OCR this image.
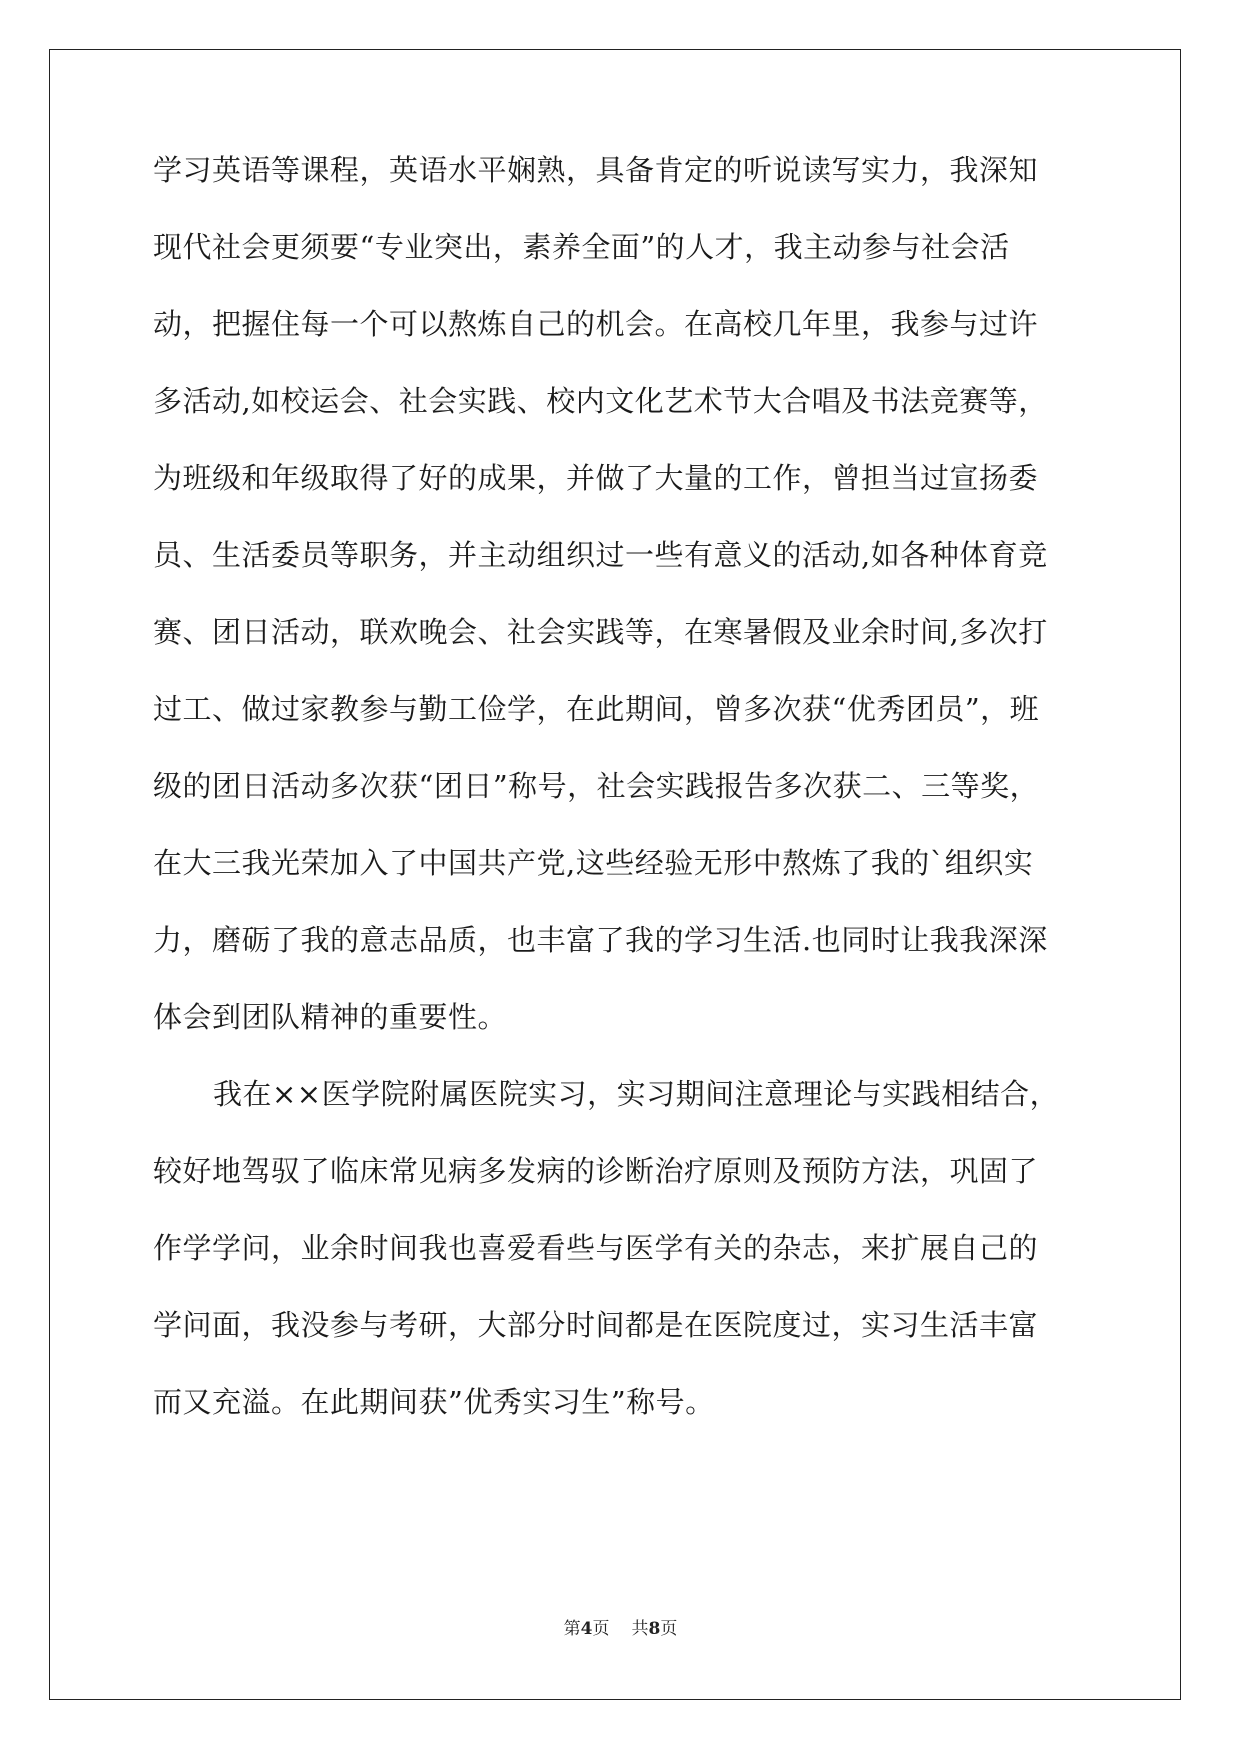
学习英语等课程，英语水平娴熟，具备肯定的听说读写实力，我深知
现代社会更须要“专业突出，素养全面”的人才，我主动参与社会活
动，把握住每一个可以熬炼自己的机会。在高校几年里，我参与过许
多活动,如校运会、社会实践、校内文化艺术节大合唱及书法竞赛等，
为班级和年级取得了好的成果，并做了大量的工作，曾担当过宣扬委
员、生活委员等职务，并主动组织过一些有意义的活动,如各种体育竞
赛、团日活动，联欢晚会、社会实践等，在寒暑假及业余时间,多次打
过工、做过家教参与勤工俭学，在此期间，曾多次获“优秀团员”，班
级的团日活动多次获“团日”称号，社会实践报告多次获二、三等奖，
在大三我光荣加入了中国共产党,这些经验无形中熬炼了我的`组织实
力，磨砺了我的意志品质，也丰富了我的学习生活.也同时让我我深深
体会到团队精神的重要性。
我在××医学院附属医院实习，实习期间注意理论与实践相结合，
较好地驾驭了临床常见病多发病的诊断治疗原则及预防方法，巩固了
作学学问，业余时间我也喜爱看些与医学有关的杂志，来扩展自己的
学问面，我没参与考研，大部分时间都是在医院度过，实习生活丰富
而又充溢。在此期间获”优秀实习生”称号。
第4页 共8页
